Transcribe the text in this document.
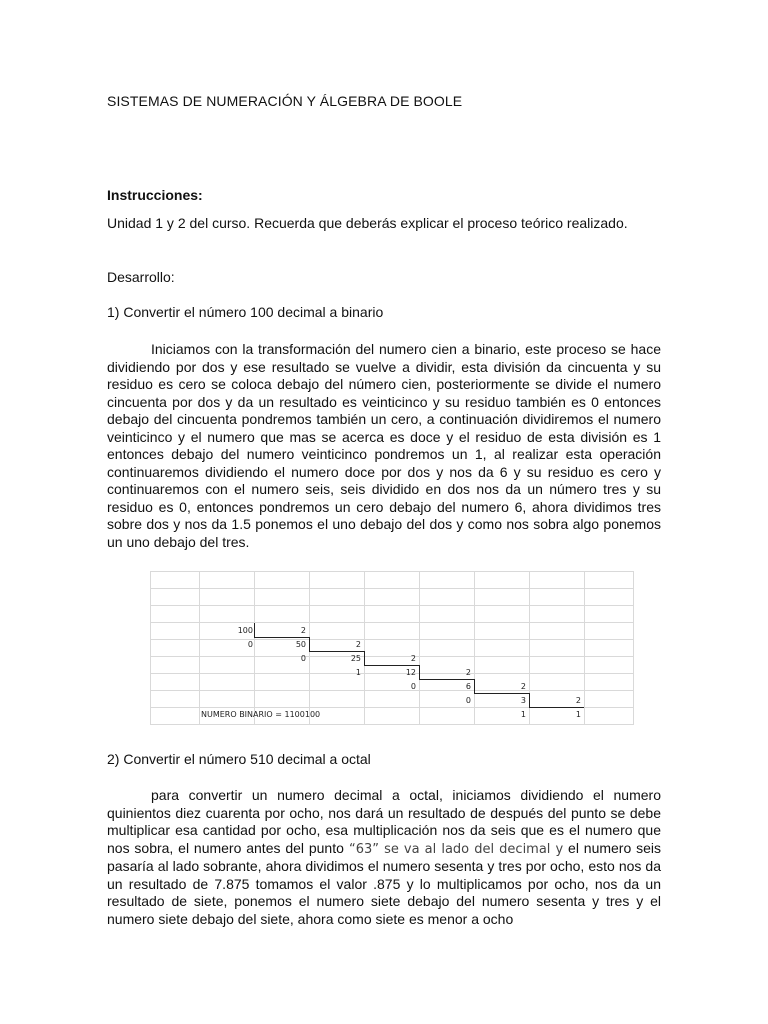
SISTEMAS DE NUMERACIÓN Y ÁLGEBRA DE BOOLE
Instrucciones:
Unidad 1 y 2 del curso. Recuerda que deberás explicar el proceso teórico realizado.
Desarrollo:
1) Convertir el número 100 decimal a binario
Iniciamos con la transformación del numero cien a binario, este proceso se hace dividiendo por dos y ese resultado se vuelve a dividir, esta división da cincuenta y su residuo es cero se coloca debajo del número cien, posteriormente se divide el numero cincuenta por dos y da un resultado es veinticinco y su residuo también es 0 entonces debajo del cincuenta pondremos también un cero, a continuación dividiremos el numero veinticinco y el numero que mas se acerca es doce y el residuo de esta división es 1 entonces debajo del numero veinticinco pondremos un 1, al realizar esta operación continuaremos dividiendo el numero doce por dos y nos da 6 y su residuo es cero y continuaremos con el numero seis, seis dividido en dos nos da un número tres y su residuo es 0, entonces pondremos un cero debajo del numero 6, ahora dividimos tres sobre dos y nos da 1.5 ponemos el uno debajo del dos y como nos sobra algo ponemos un uno debajo del tres.
100	2
0	50	2
0	25	2
1	12	2
0	6	2
0	3	2
1	1
NUMERO BINARIO = 1100100
2) Convertir el número 510 decimal a octal
para convertir un numero decimal a octal, iniciamos dividiendo el numero quinientos diez cuarenta por ocho, nos dará un resultado de después del punto se debe multiplicar esa cantidad por ocho, esa multiplicación nos da seis que es el numero que nos sobra, el numero antes del punto “63” se va al lado del decimal y el numero seis pasaría al lado sobrante, ahora dividimos el numero sesenta y tres por ocho, esto nos da un resultado de 7.875 tomamos el valor .875 y lo multiplicamos por ocho, nos da un resultado de siete, ponemos el numero siete debajo del numero sesenta y tres y el numero siete debajo del siete, ahora como siete es menor a ocho
